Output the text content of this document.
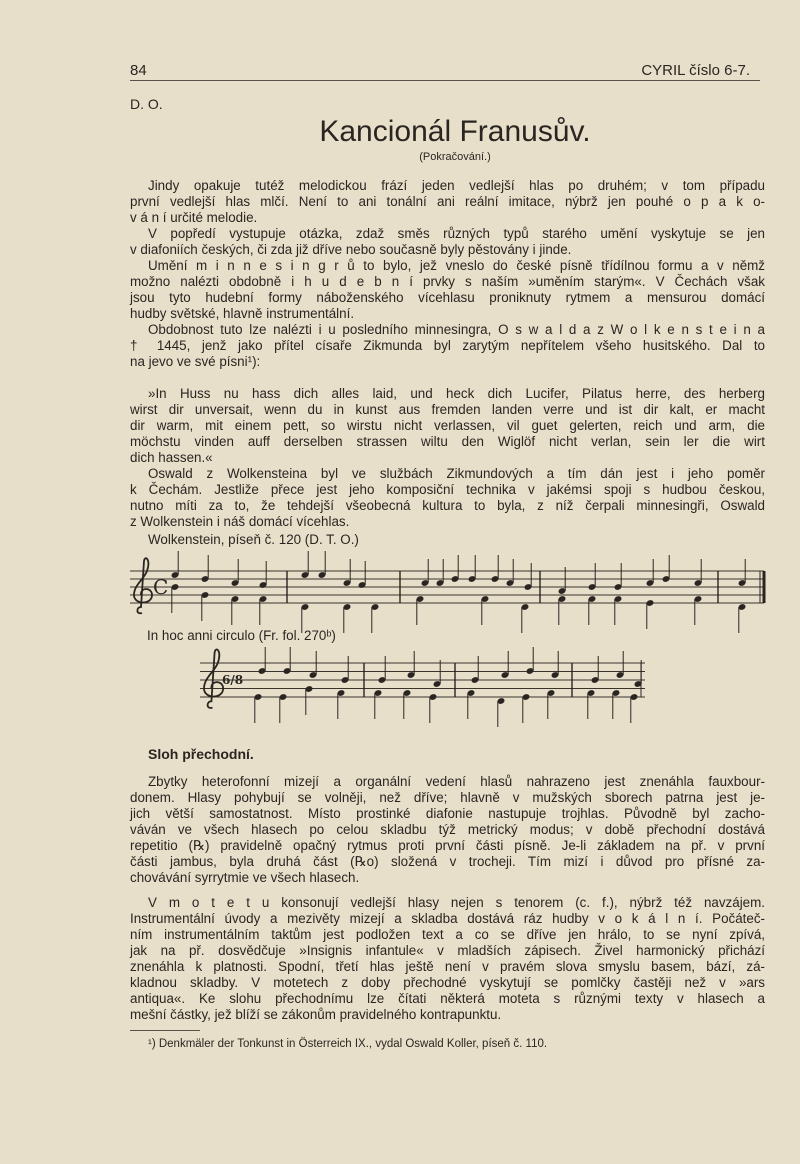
84	CYRIL číslo 6-7.
D. O.
Kancionál Franusův.
(Pokračování.)
Jindy opakuje tutéž melodickou frází jeden vedlejší hlas po druhém; v tom případu
první vedlejší hlas mlčí. Není to ani tonální ani reální imitace, nýbrž jen pouhé o p a k o-
v á n í určité melodie.
V popředí vystupuje otázka, zdaž směs různých typů starého umění vyskytuje se jen
v diafoniích českých, či zda již dříve nebo současně byly pěstovány i jinde.
Umění m i n n e s i n g r ů to bylo, jež vneslo do české písně třídílnou formu a v němž
možno nalézti obdobně i h u d e b n í prvky s naším »uměním starým«. V Čechách však
jsou tyto hudební formy náboženského vícehlasu proniknuty rytmem a mensurou domácí
hudby světské, hlavně instrumentální.
Obdobnost tuto lze nalézti i u posledního minnesingra, O s w a l d a z W o l k e n s t e i n a
† 1445, jenž jako přítel císaře Zikmunda byl zarytým nepřítelem všeho husitského. Dal to
na jevo ve své písni¹):
»In Huss nu hass dich alles laid, und heck dich Lucifer, Pilatus herre, des herberg
wirst dir unversait, wenn du in kunst aus fremden landen verre und ist dir kalt, er macht
dir warm, mit einem pett, so wirstu nicht verlassen, vil guet gelerten, reich und arm, die
möchstu vinden auff derselben strassen wiltu den Wiglöf nicht verlan, sein ler die wirt
dich hassen.«
Oswald z Wolkensteina byl ve službách Zikmundových a tím dán jest i jeho poměr
k Čechám. Jestliže přece jest jeho komposiční technika v jakémsi spoji s hudbou českou,
nutno míti za to, že tehdejší všeobecná kultura to byla, z níž čerpali minnesingři, Oswald
z Wolkenstein i náš domácí vícehlas.
Wolkenstein, píseň č. 120 (D. T. O.)
In hoc anni circulo (Fr. fol. 270ᵇ)
C
6/8
Sloh přechodní.
Zbytky heterofonní mizejí a organální vedení hlasů nahrazeno jest znenáhla fauxbour-
donem. Hlasy pohybují se volněji, než dříve; hlavně v mužských sborech patrna jest je-
jich větší samostatnost. Místo prostinké diafonie nastupuje trojhlas. Původně byl zacho-
váván ve všech hlasech po celou skladbu týž metrický modus; v době přechodní dostává
repetitio (℞) pravidelně opačný rytmus proti první části písně. Je-li základem na př. v první
části jambus, byla druhá část (℞o) složená v trocheji. Tím mizí i důvod pro přísné za-
chovávání syrrytmie ve všech hlasech.
V m o t e t u konsonují vedlejší hlasy nejen s tenorem (c. f.), nýbrž též navzájem.
Instrumentální úvody a mezivěty mizejí a skladba dostává ráz hudby v o k á l n í. Počáteč-
ním instrumentálním taktům jest podložen text a co se dříve jen hrálo, to se nyní zpívá,
jak na př. dosvědčuje »Insignis infantule« v mladších zápisech. Živel harmonický přichází
znenáhla k platnosti. Spodní, třetí hlas ještě není v pravém slova smyslu basem, bází, zá-
kladnou skladby. V motetech z doby přechodné vyskytují se pomlčky častěji než v »ars
antiqua«. Ke slohu přechodnímu lze čítati některá moteta s různými texty v hlasech a
mešní částky, jež blíží se zákonům pravidelného kontrapunktu.
¹) Denkmäler der Tonkunst in Österreich IX., vydal Oswald Koller, píseň č. 110.
